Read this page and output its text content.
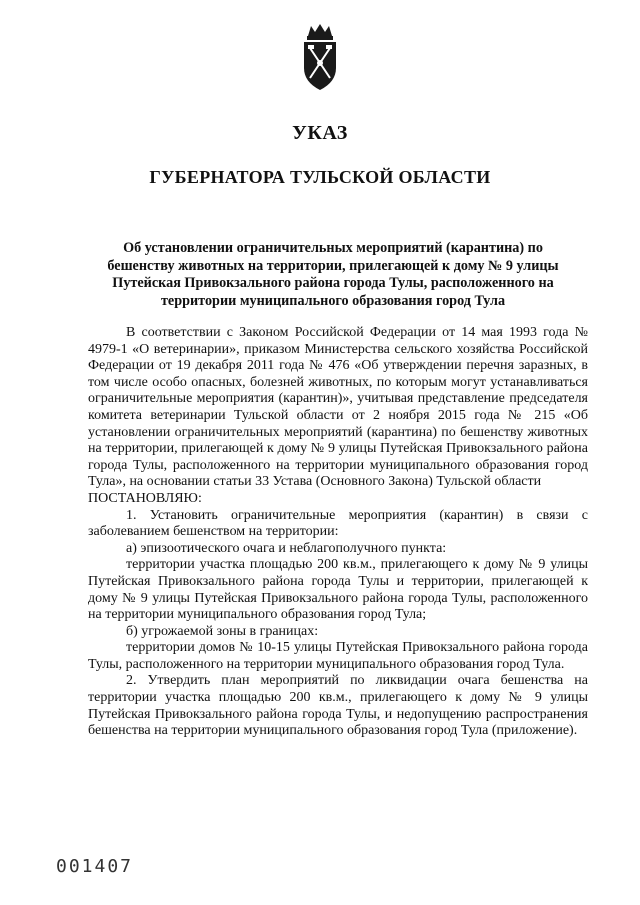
УКАЗ
ГУБЕРНАТОРА ТУЛЬСКОЙ ОБЛАСТИ

Об установлении ограничительных мероприятий (карантина) по бешенству животных на территории, прилегающей к дому № 9 улицы Путейская Привокзального района города Тулы, расположенного на территории муниципального образования город Тула

В соответствии с Законом Российской Федерации от 14 мая 1993 года № 4979-1 «О ветеринарии», приказом Министерства сельского хозяйства Российской Федерации от 19 декабря 2011 года № 476 «Об утверждении перечня заразных, в том числе особо опасных, болезней животных, по которым могут устанавливаться ограничительные мероприятия (карантин)», учитывая представление председателя комитета ветеринарии Тульской области от 2 ноября 2015 года № 215 «Об установлении ограничительных мероприятий (карантина) по бешенству животных на территории, прилегающей к дому № 9 улицы Путейская Привокзального района города Тулы, расположенного на территории муниципального образования город Тула», на основании статьи 33 Устава (Основного Закона) Тульской области

ПОСТАНОВЛЯЮ:

1. Установить ограничительные мероприятия (карантин) в связи с заболеванием бешенством на территории:

а) эпизоотического очага и неблагополучного пункта:

территории участка площадью 200 кв.м., прилегающего к дому № 9 улицы Путейская Привокзального района города Тулы и территории, прилегающей к дому № 9 улицы Путейская Привокзального района города Тулы, расположенного на территории муниципального образования город Тула;

б) угрожаемой зоны в границах:

территории домов № 10-15 улицы Путейская Привокзального района города Тулы, расположенного на территории муниципального образования город Тула.

2. Утвердить план мероприятий по ликвидации очага бешенства на территории участка площадью 200 кв.м., прилегающего к дому № 9 улицы Путейская Привокзального района города Тулы, и недопущению распространения бешенства на территории муниципального образования город Тула (приложение).

001407
